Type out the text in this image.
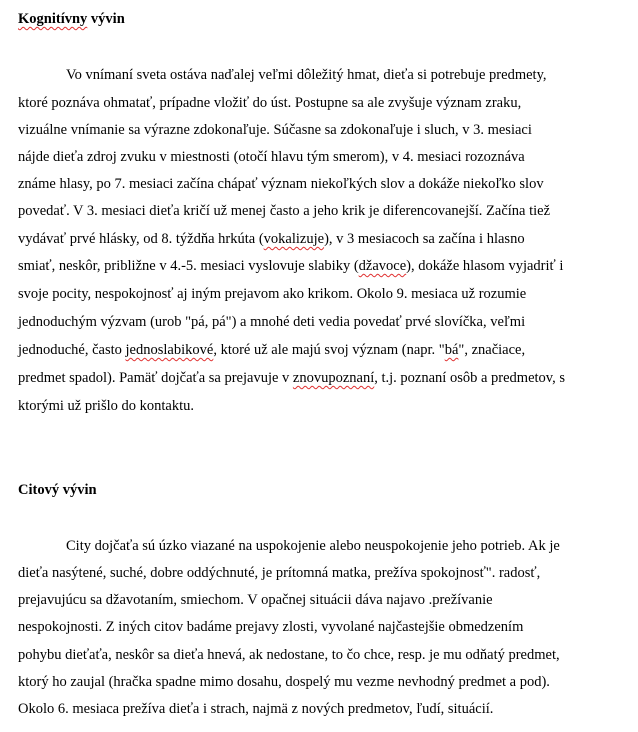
Kognitívny vývin
Vo vnímaní sveta ostáva naďalej veľmi dôležitý hmat, dieťa si potrebuje predmety,
ktoré poznáva ohmatať, prípadne vložiť do úst. Postupne sa ale zvyšuje význam zraku,
vizuálne vnímanie sa výrazne zdokonaľuje. Súčasne sa zdokonaľuje i sluch, v 3. mesiaci
nájde dieťa zdroj zvuku v miestnosti (otočí hlavu tým smerom), v 4. mesiaci rozoznáva
známe hlasy, po 7. mesiaci začína chápať význam niekoľkých slov a dokáže niekoľko slov
povedať. V 3. mesiaci dieťa kričí už menej často a jeho krik je diferencovanejší. Začína tiež
vydávať prvé hlásky, od 8. týždňa hrkúta (vokalizuje), v 3 mesiacoch sa začína i hlasno
smiať, neskôr, približne v 4.-5. mesiaci vyslovuje slabiky (džavoce), dokáže hlasom vyjadriť i
svoje pocity, nespokojnosť aj iným prejavom ako krikom. Okolo 9. mesiaca už rozumie
jednoduchým výzvam (urob "pá, pá") a mnohé deti vedia povedať prvé slovíčka, veľmi
jednoduché, často jednoslabikové, ktoré už ale majú svoj význam (napr. "bá", značiace,
predmet spadol). Pamäť dojčaťa sa prejavuje v znovupoznaní, t.j. poznaní osôb a predmetov, s
ktorými už prišlo do kontaktu.
Citový vývin
City dojčaťa sú úzko viazané na uspokojenie alebo neuspokojenie jeho potrieb. Ak je
dieťa nasýtené, suché, dobre oddýchnuté, je prítomná matka, prežíva spokojnosť". radosť,
prejavujúcu sa džavotaním, smiechom. V opačnej situácii dáva najavo .prežívanie
nespokojnosti. Z iných citov badáme prejavy zlosti, vyvolané najčastejšie obmedzením
pohybu dieťaťa, neskôr sa dieťa hnevá, ak nedostane, to čo chce, resp. je mu odňatý predmet,
ktorý ho zaujal (hračka spadne mimo dosahu, dospelý mu vezme nevhodný predmet a pod).
Okolo 6. mesiaca prežíva dieťa i strach, najmä z nových predmetov, ľudí, situácií.
